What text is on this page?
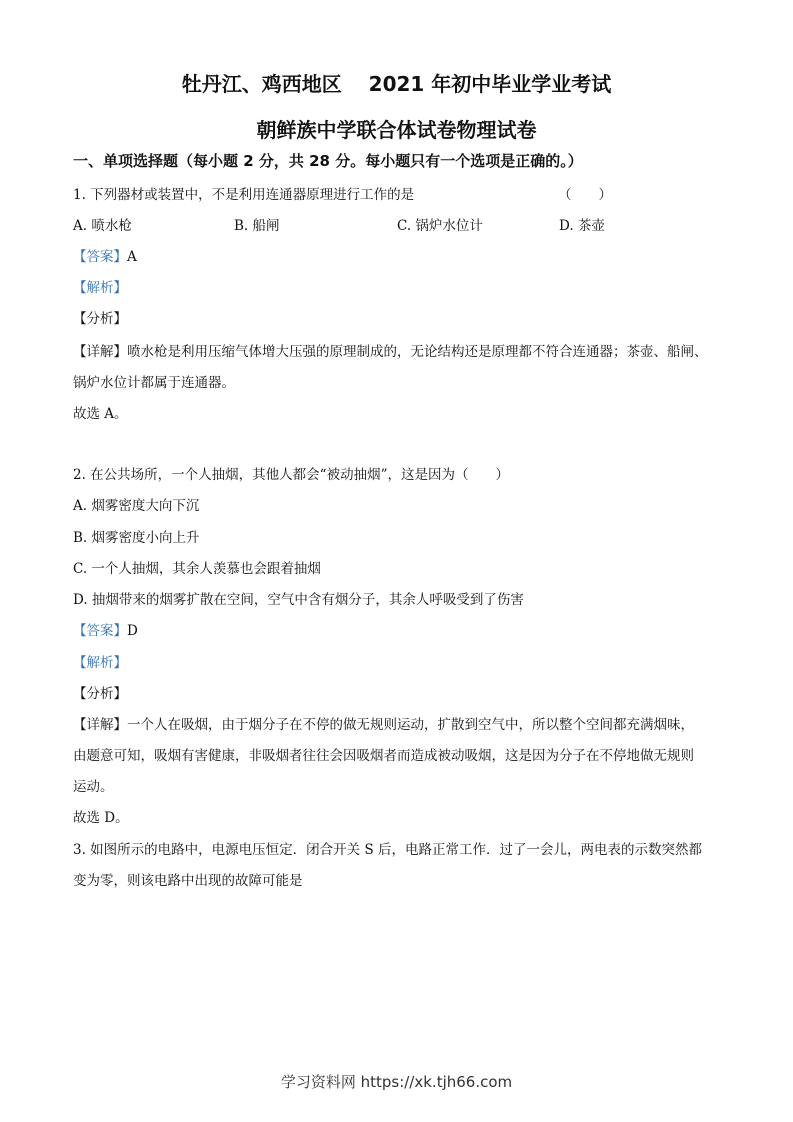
牡丹江、鸡西地区　 2021 年初中毕业学业考试
朝鲜族中学联合体试卷物理试卷
一、单项选择题（每小题 2 分，共 28 分。每小题只有一个选项是正确的。）
1. 下列器材或装置中，不是利用连通器原理进行工作的是	（　　）
A. 喷水枪	B. 船闸	C. 锅炉水位计	D. 茶壶
【答案】A
【解析】
【分析】
【详解】喷水枪是利用压缩气体增大压强的原理制成的，无论结构还是原理都不符合连通器；茶壶、船闸、
锅炉水位计都属于连通器。
故选 A。
2. 在公共场所，一个人抽烟，其他人都会“被动抽烟”，这是因为（　　）
A. 烟雾密度大向下沉
B. 烟雾密度小向上升
C. 一个人抽烟，其余人羡慕也会跟着抽烟
D. 抽烟带来的烟雾扩散在空间，空气中含有烟分子，其余人呼吸受到了伤害
【答案】D
【解析】
【分析】
【详解】一个人在吸烟，由于烟分子在不停的做无规则运动，扩散到空气中，所以整个空间都充满烟味，
由题意可知，吸烟有害健康，非吸烟者往往会因吸烟者而造成被动吸烟，这是因为分子在不停地做无规则
运动。
故选 D。
3. 如图所示的电路中，电源电压恒定．闭合开关 S 后，电路正常工作．过了一会儿，两电表的示数突然都
变为零，则该电路中出现的故障可能是
学习资料网 https://xk.tjh66.com
